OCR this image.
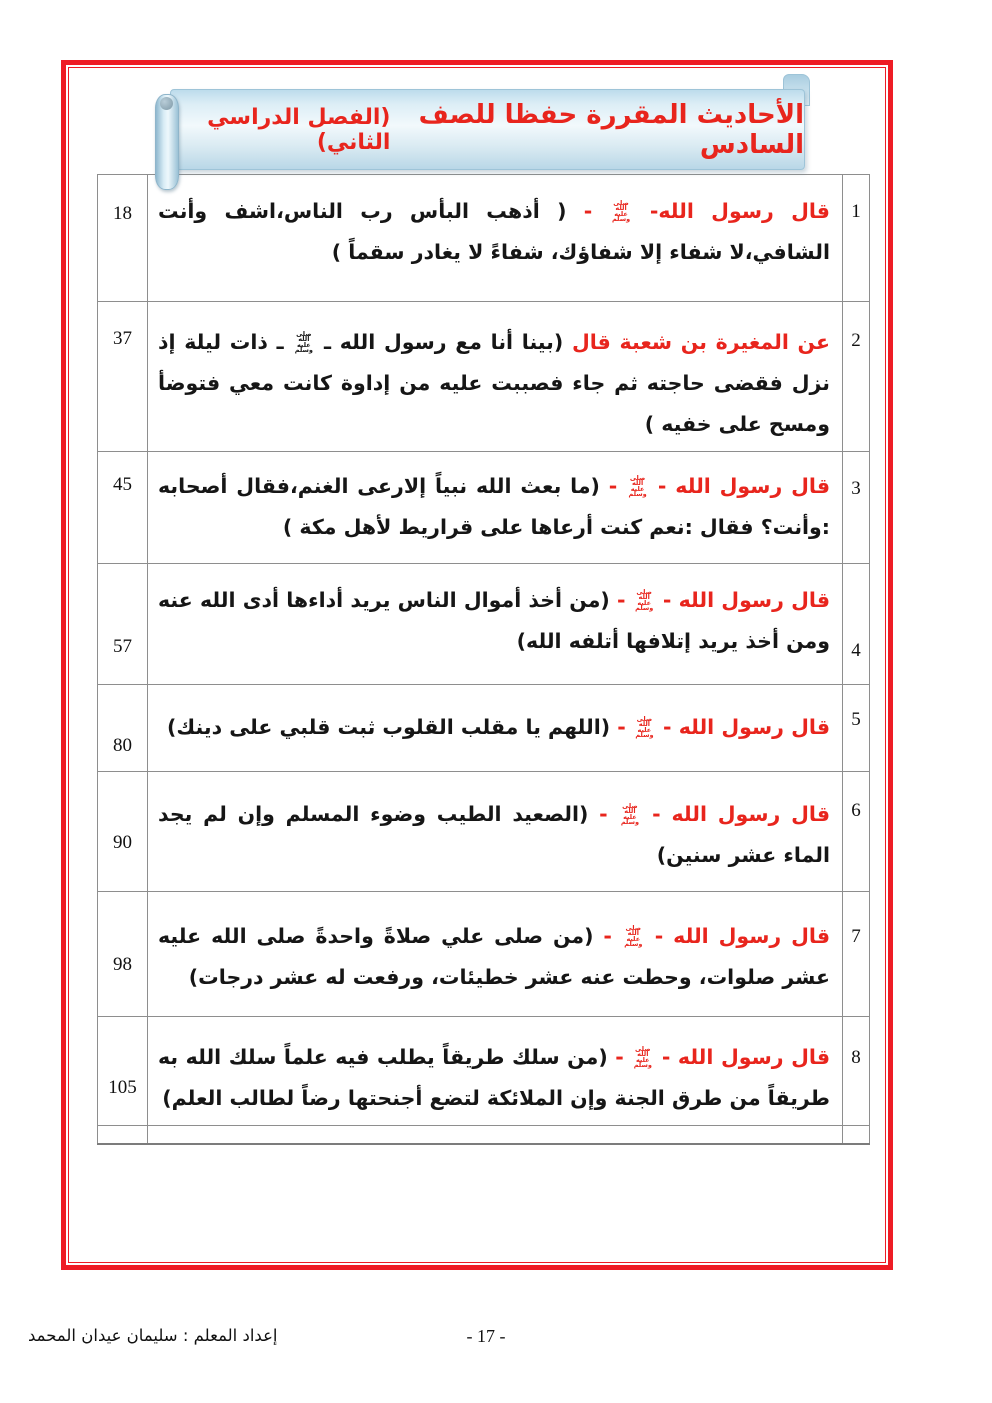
الأحاديث المقررة حفظا للصف السادس
(الفصل الدراسي الثاني)
1	قال رسول الله- صلى الله عليه وسلم - ( أذهب البأس رب الناس،اشف وأنت الشافي،لا شفاء إلا شفاؤك، شفاءً لا يغادر سقماً )	18

2	عن المغيرة بن شعبة قال (بينا أنا مع رسول الله ـ صلى الله عليه وسلم ـ ذات ليلة إذ نزل فقضى حاجته ثم جاء فصببت عليه من إداوة كانت معي فتوضأ ومسح على خفيه )	37

3	قال رسول الله - صلى الله عليه وسلم - (ما بعث الله نبياً إلارعى الغنم،فقال أصحابه :وأنت؟ فقال :نعم كنت أرعاها على قراريط لأهل مكة )	45

4	قال رسول الله - صلى الله عليه وسلم - (من أخذ أموال الناس يريد أداءها أدى الله عنه ومن أخذ يريد إتلافها أتلفه الله)	57

5	قال رسول الله - صلى الله عليه وسلم - (اللهم يا مقلب القلوب ثبت قلبي على دينك)	80

6	قال رسول الله - صلى الله عليه وسلم - (الصعيد الطيب وضوء المسلم وإن لم يجد الماء عشر سنين)	90

7	قال رسول الله - صلى الله عليه وسلم - (من صلى علي صلاةً واحدةً صلى الله عليه عشر صلوات، وحطت عنه عشر خطيئات، ورفعت له عشر درجات)	98

8	قال رسول الله - صلى الله عليه وسلم - (من سلك طريقاً يطلب فيه علماً سلك الله به طريقاً من طرق الجنة وإن الملائكة لتضع أجنحتها رضاً لطالب العلم)	105

- 17 -
إعداد المعلم : سليمان عيدان المحمد
